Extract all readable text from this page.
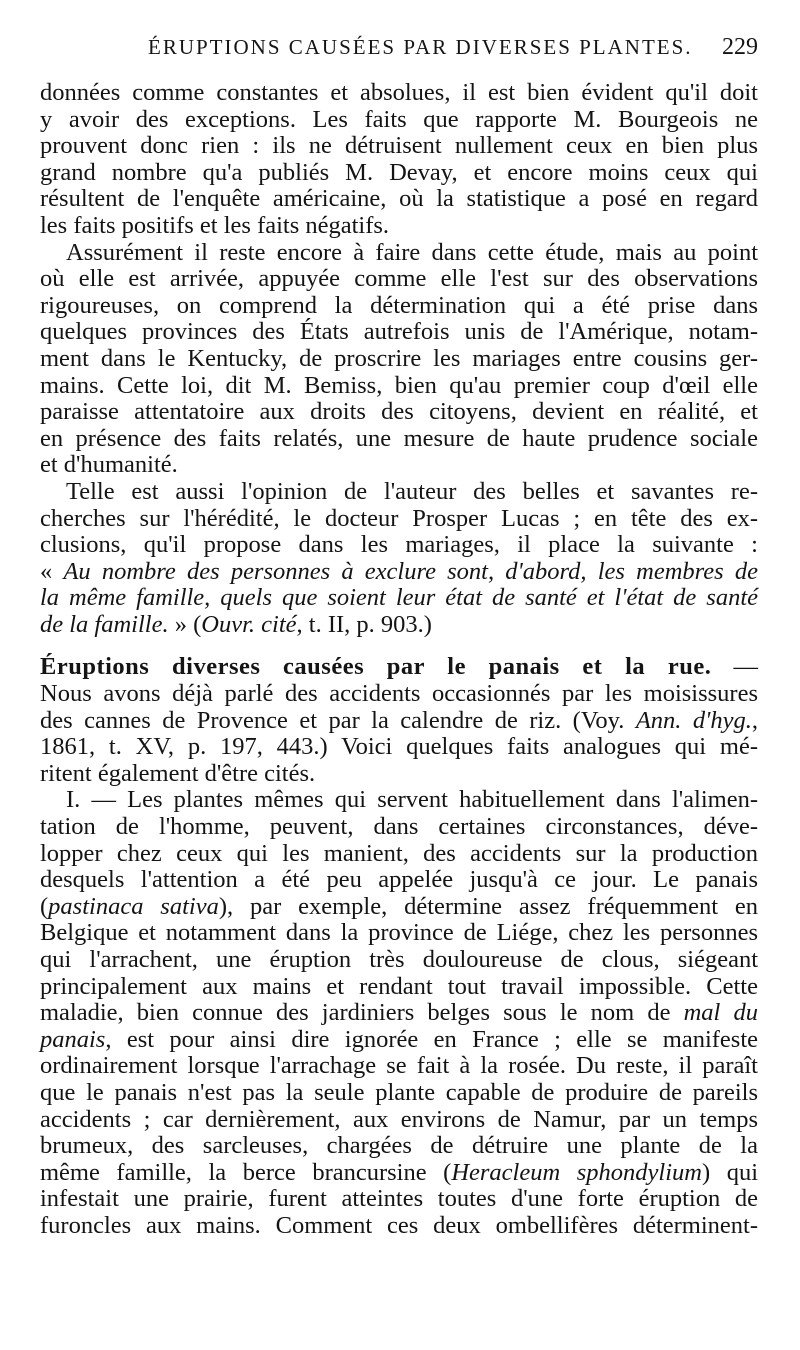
ÉRUPTIONS CAUSÉES PAR DIVERSES PLANTES. 229

données comme constantes et absolues, il est bien évident qu'il doit

y avoir des exceptions. Les faits que rapporte M. Bourgeois ne

prouvent donc rien : ils ne détruisent nullement ceux en bien plus

grand nombre qu'a publiés M. Devay, et encore moins ceux qui

résultent de l'enquête américaine, où la statistique a posé en regard

les faits positifs et les faits négatifs.

Assurément il reste encore à faire dans cette étude, mais au point

où elle est arrivée, appuyée comme elle l'est sur des observations

rigoureuses, on comprend la détermination qui a été prise dans

quelques provinces des États autrefois unis de l'Amérique, notam-

ment dans le Kentucky, de proscrire les mariages entre cousins ger-

mains. Cette loi, dit M. Bemiss, bien qu'au premier coup d'œil elle

paraisse attentatoire aux droits des citoyens, devient en réalité, et

en présence des faits relatés, une mesure de haute prudence sociale

et d'humanité.

Telle est aussi l'opinion de l'auteur des belles et savantes re-

cherches sur l'hérédité, le docteur Prosper Lucas ; en tête des ex-

clusions, qu'il propose dans les mariages, il place la suivante :

« Au nombre des personnes à exclure sont, d'abord, les membres de

la même famille, quels que soient leur état de santé et l'état de santé

de la famille. » (Ouvr. cité, t. II, p. 903.)

Éruptions diverses causées par le panais et la rue. —

Nous avons déjà parlé des accidents occasionnés par les moisissures

des cannes de Provence et par la calendre de riz. (Voy. Ann. d'hyg.,

1861, t. XV, p. 197, 443.) Voici quelques faits analogues qui mé-

ritent également d'être cités.

I. — Les plantes mêmes qui servent habituellement dans l'alimen-

tation de l'homme, peuvent, dans certaines circonstances, déve-

lopper chez ceux qui les manient, des accidents sur la production

desquels l'attention a été peu appelée jusqu'à ce jour. Le panais

(pastinaca sativa), par exemple, détermine assez fréquemment en

Belgique et notamment dans la province de Liége, chez les personnes

qui l'arrachent, une éruption très douloureuse de clous, siégeant

principalement aux mains et rendant tout travail impossible. Cette

maladie, bien connue des jardiniers belges sous le nom de mal du

panais, est pour ainsi dire ignorée en France ; elle se manifeste

ordinairement lorsque l'arrachage se fait à la rosée. Du reste, il paraît

que le panais n'est pas la seule plante capable de produire de pareils

accidents ; car dernièrement, aux environs de Namur, par un temps

brumeux, des sarcleuses, chargées de détruire une plante de la

même famille, la berce brancursine (Heracleum sphondylium) qui

infestait une prairie, furent atteintes toutes d'une forte éruption de

furoncles aux mains. Comment ces deux ombellifères déterminent-
